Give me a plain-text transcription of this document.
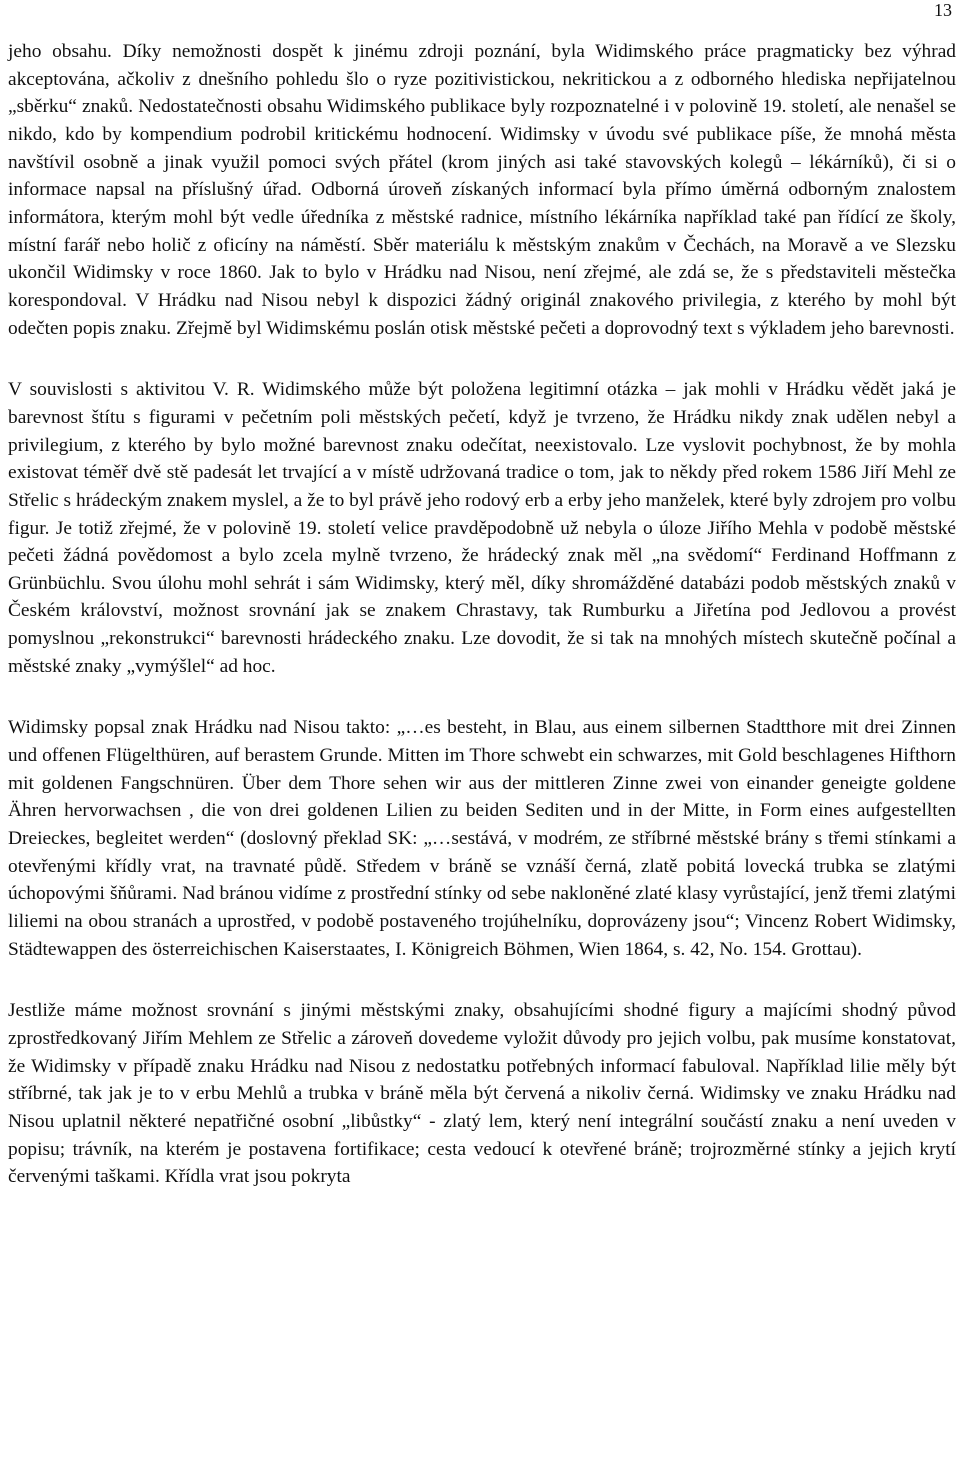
13

jeho obsahu. Díky nemožnosti dospět k jinému zdroji poznání, byla Widimského práce pragmaticky bez výhrad akceptována, ačkoliv z dnešního pohledu šlo o ryze pozitivistickou, nekritickou a z odborného hlediska nepřijatelnou „sběrku“ znaků. Nedostatečnosti obsahu Widimského publikace byly rozpoznatelné i v polovině 19. století, ale nenašel se nikdo, kdo by kompendium podrobil kritickému hodnocení. Widimsky v úvodu své publikace píše, že mnohá města navštívil osobně a jinak využil pomoci svých přátel (krom jiných asi také stavovských kolegů – lékárníků), či si o informace napsal na příslušný úřad. Odborná úroveň získaných informací byla přímo úměrná odborným znalostem informátora, kterým mohl být vedle úředníka z městské radnice, místního lékárníka například také pan řídící ze školy, místní farář nebo holič z oficíny na náměstí. Sběr materiálu k městským znakům v Čechách, na Moravě a ve Slezsku ukončil Widimsky v roce 1860. Jak to bylo v Hrádku nad Nisou, není zřejmé, ale zdá se, že s představiteli městečka korespondoval. V Hrádku nad Nisou nebyl k dispozici žádný originál znakového privilegia, z kterého by mohl být odečten popis znaku. Zřejmě byl Widimskému poslán otisk městské pečeti a doprovodný text s výkladem jeho barevnosti.

V souvislosti s aktivitou V. R. Widimského může být položena legitimní otázka – jak mohli v Hrádku vědět jaká je barevnost štítu s figurami v pečetním poli městských pečetí, když je tvrzeno, že Hrádku nikdy znak udělen nebyl a privilegium, z kterého by bylo možné barevnost znaku odečítat, neexistovalo. Lze vyslovit pochybnost, že by mohla existovat téměř dvě stě padesát let trvající a v místě udržovaná tradice o tom, jak to někdy před rokem 1586 Jiří Mehl ze Střelic s hrádeckým znakem myslel, a že to byl právě jeho rodový erb a erby jeho manželek, které byly zdrojem pro volbu figur. Je totiž zřejmé, že v polovině 19. století velice pravděpodobně už nebyla o úloze Jiřího Mehla v podobě městské pečeti žádná povědomost a bylo zcela mylně tvrzeno, že hrádecký znak měl „na svědomí“ Ferdinand Hoffmann z Grünbüchlu. Svou úlohu mohl sehrát i sám Widimsky, který měl, díky shromážděné databázi podob městských znaků v Českém království, možnost srovnání jak se znakem Chrastavy, tak Rumburku a Jiřetína pod Jedlovou a provést pomyslnou „rekonstrukci“ barevnosti hrádeckého znaku. Lze dovodit, že si tak na mnohých místech skutečně počínal a městské znaky „vymýšlel“ ad hoc.

Widimsky popsal znak Hrádku nad Nisou takto: „…es besteht, in Blau, aus einem silbernen Stadtthore mit drei Zinnen und offenen Flügelthüren, auf berastem Grunde. Mitten im Thore schwebt ein schwarzes, mit Gold beschlagenes Hifthorn mit goldenen Fangschnüren. Über dem Thore sehen wir aus der mittleren Zinne zwei von einander geneigte goldene Ähren hervorwachsen , die von drei goldenen Lilien zu beiden Sediten und in der Mitte, in Form eines aufgestellten Dreieckes, begleitet werden“ (doslovný překlad SK: „…sestává, v modrém, ze stříbrné městské brány s třemi stínkami a otevřenými křídly vrat, na travnaté půdě. Středem v bráně se vznáší černá, zlatě pobitá lovecká trubka se zlatými úchopovými šňůrami. Nad bránou vidíme z prostřední stínky od sebe nakloněné zlaté klasy vyrůstající, jenž třemi zlatými liliemi na obou stranách a uprostřed, v podobě postaveného trojúhelníku, doprovázeny jsou“; Vincenz Robert Widimsky, Städtewappen des österreichischen Kaiserstaates, I. Königreich Böhmen, Wien 1864, s. 42, No. 154. Grottau).

Jestliže máme možnost srovnání s jinými městskými znaky, obsahujícími shodné figury a majícími shodný původ zprostředkovaný Jiřím Mehlem ze Střelic a zároveň dovedeme vyložit důvody pro jejich volbu, pak musíme konstatovat, že Widimsky v případě znaku Hrádku nad Nisou z nedostatku potřebných informací fabuloval. Například lilie měly být stříbrné, tak jak je to v erbu Mehlů a trubka v bráně měla být červená a nikoliv černá. Widimsky ve znaku Hrádku nad Nisou uplatnil některé nepatřičné osobní „libůstky“ - zlatý lem, který není integrální součástí znaku a není uveden v popisu; trávník, na kterém je postavena fortifikace; cesta vedoucí k otevřené bráně; trojrozměrné stínky a jejich krytí červenými taškami. Křídla vrat jsou pokryta
